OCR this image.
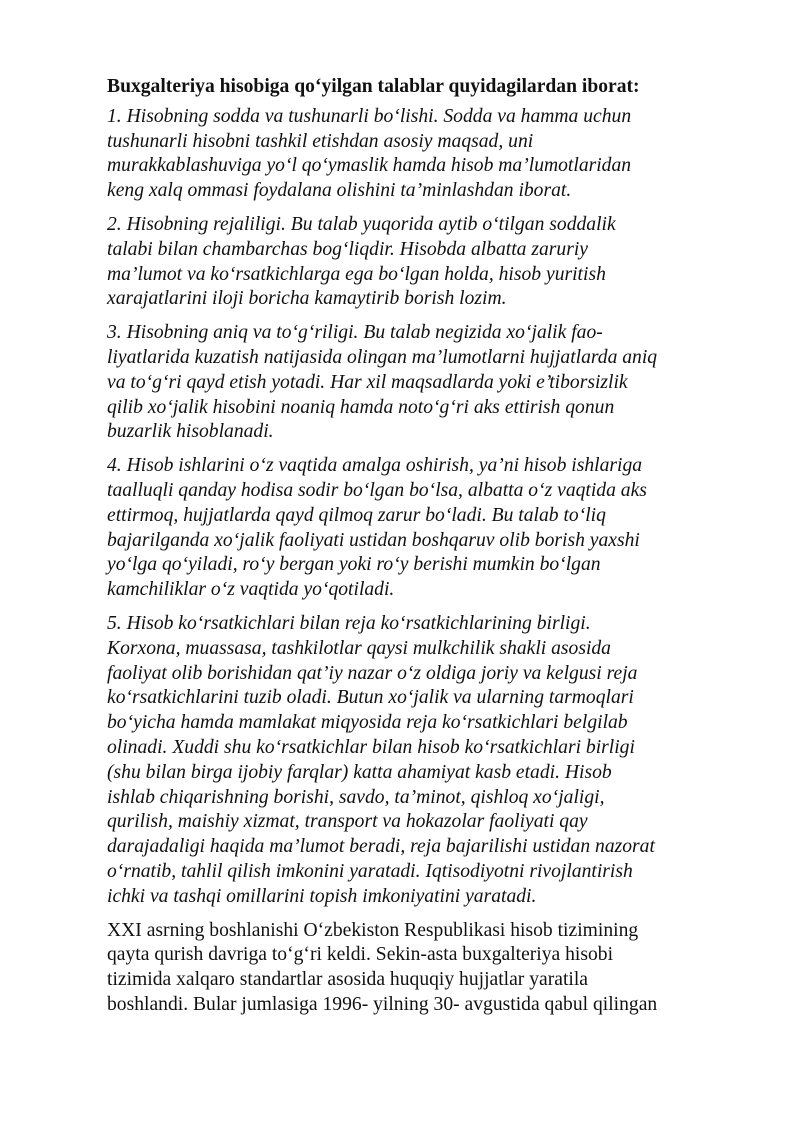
Buxgalteriya hisobiga qo‘yilgan talablar quyidagilardan iborat:
1. Hisobning sodda va tushunarli bo‘lishi. Sodda va hamma uchun
tushunarli hisobni tashkil etishdan asosiy maqsad, uni
murakkablashuviga yo‘l qo‘ymaslik hamda hisob ma’lumotlaridan
keng xalq ommasi foydalana olishini ta’minlashdan iborat.
2. Hisobning rejaliligi. Bu talab yuqorida aytib o‘tilgan soddalik
talabi bilan chambarchas bog‘liqdir. Hisobda albatta zaruriy
ma’lumot va ko‘rsatkichlarga ega bo‘lgan holda, hisob yuritish
xarajatlarini iloji boricha kamaytirib borish lozim.
3. Hisobning aniq va to‘g‘riligi. Bu talab negizida xo‘jalik fao-
liyatlarida kuzatish natijasida olingan ma’lumotlarni hujjatlarda aniq
va to‘g‘ri qayd etish yotadi. Har xil maqsadlarda yoki e’tiborsizlik
qilib xo‘jalik hisobini noaniq hamda noto‘g‘ri aks ettirish qonun
buzarlik hisoblanadi.
4. Hisob ishlarini o‘z vaqtida amalga oshirish, ya’ni hisob ishlariga
taalluqli qanday hodisa sodir bo‘lgan bo‘lsa, albatta o‘z vaqtida aks
ettirmoq, hujjatlarda qayd qilmoq zarur bo‘ladi. Bu talab to‘liq
bajarilganda xo‘jalik faoliyati ustidan boshqaruv olib borish yaxshi
yo‘lga qo‘yiladi, ro‘y bergan yoki ro‘y berishi mumkin bo‘lgan
kamchiliklar o‘z vaqtida yo‘qotiladi.
5. Hisob ko‘rsatkichlari bilan reja ko‘rsatkichlarining birligi.
Korxona, muassasa, tashkilotlar qaysi mulkchilik shakli asosida
faoliyat olib borishidan qat’iy nazar o‘z oldiga joriy va kelgusi reja
ko‘rsatkichlarini tuzib oladi. Butun xo‘jalik va ularning tarmoqlari
bo‘yicha hamda mamlakat miqyosida reja ko‘rsatkichlari belgilab
olinadi. Xuddi shu ko‘rsatkichlar bilan hisob ko‘rsatkichlari birligi
(shu bilan birga ijobiy farqlar) katta ahamiyat kasb etadi. Hisob
ishlab chiqarishning borishi, savdo, ta’minot, qishloq xo‘jaligi,
qurilish, maishiy xizmat, transport va hokazolar faoliyati qay
darajadaligi haqida ma’lumot beradi, reja bajarilishi ustidan nazorat
o‘rnatib, tahlil qilish imkonini yaratadi. Iqtisodiyotni rivojlantirish
ichki va tashqi omillarini topish imkoniyatini yaratadi.
XXI asrning boshlanishi O‘zbekiston Respublikasi hisob tizimining
qayta qurish davriga to‘g‘ri keldi. Sekin-asta buxgalteriya hisobi
tizimida xalqaro standartlar asosida huquqiy hujjatlar yaratila
boshlandi. Bular jumlasiga 1996- yilning 30- avgustida qabul qilingan
